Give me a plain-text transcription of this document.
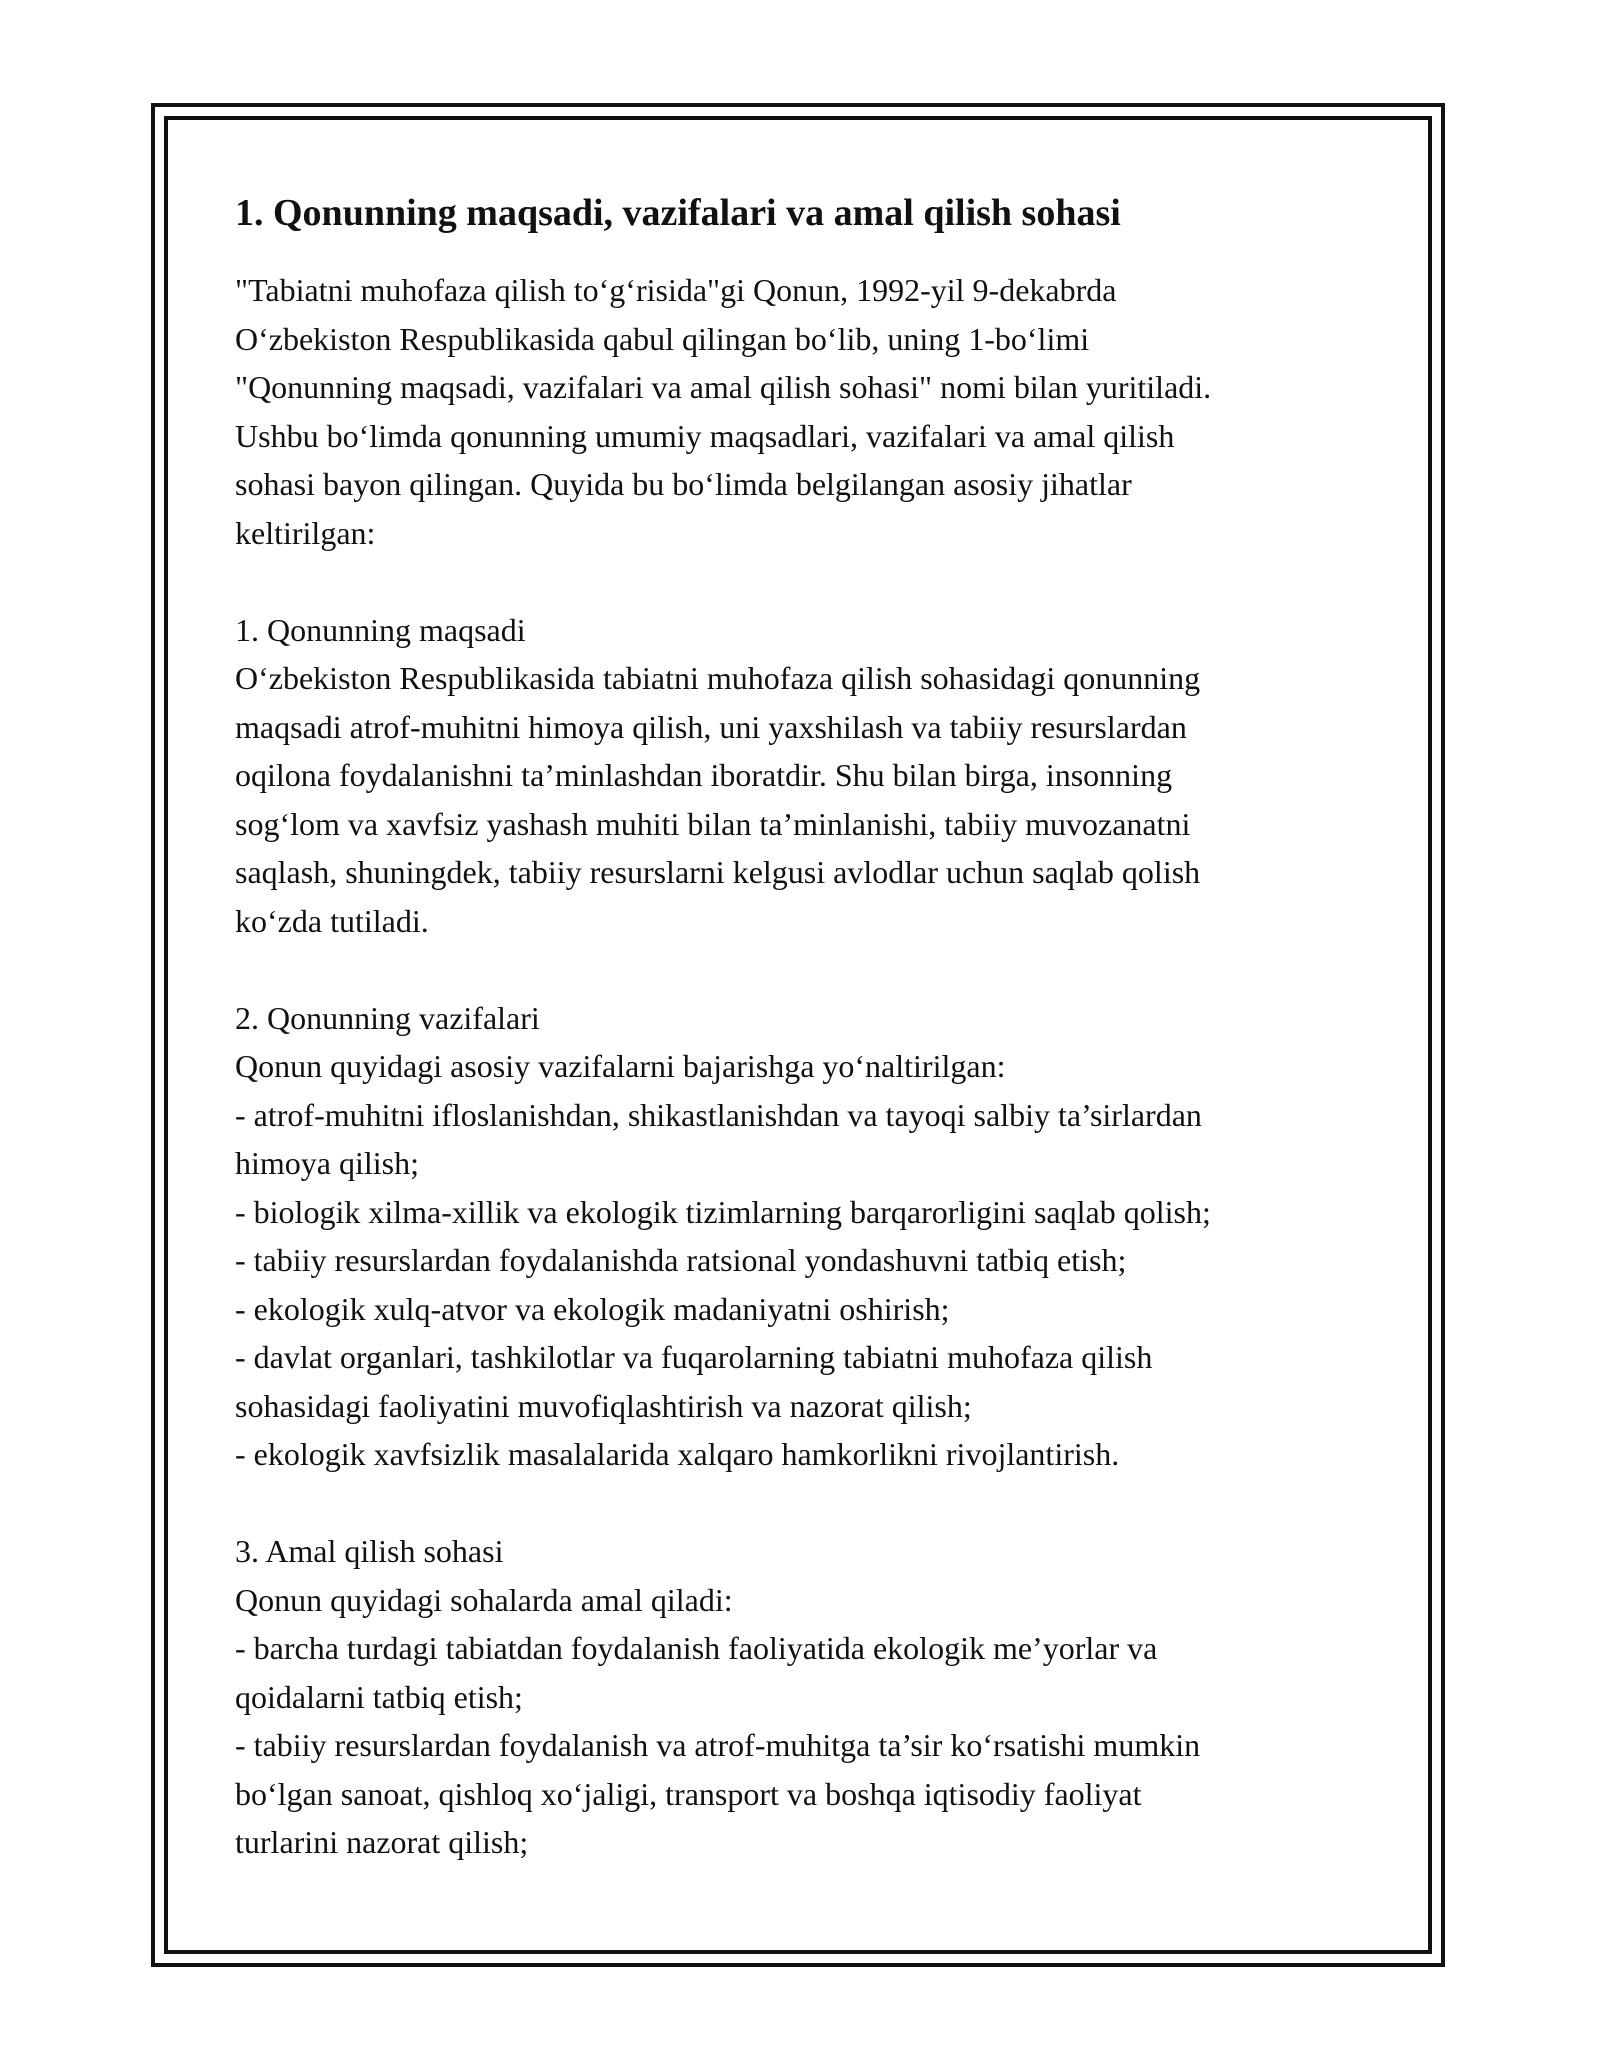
1. Qonunning maqsadi, vazifalari va amal qilish sohasi
"Tabiatni muhofaza qilish to‘g‘risida"gi Qonun, 1992-yil 9-dekabrda
O‘zbekiston Respublikasida qabul qilingan bo‘lib, uning 1-bo‘limi
"Qonunning maqsadi, vazifalari va amal qilish sohasi" nomi bilan yuritiladi.
Ushbu bo‘limda qonunning umumiy maqsadlari, vazifalari va amal qilish
sohasi bayon qilingan. Quyida bu bo‘limda belgilangan asosiy jihatlar
keltirilgan:
1. Qonunning maqsadi
O‘zbekiston Respublikasida tabiatni muhofaza qilish sohasidagi qonunning
maqsadi atrof-muhitni himoya qilish, uni yaxshilash va tabiiy resurslardan
oqilona foydalanishni ta’minlashdan iboratdir. Shu bilan birga, insonning
sog‘lom va xavfsiz yashash muhiti bilan ta’minlanishi, tabiiy muvozanatni
saqlash, shuningdek, tabiiy resurslarni kelgusi avlodlar uchun saqlab qolish
ko‘zda tutiladi.
2. Qonunning vazifalari
Qonun quyidagi asosiy vazifalarni bajarishga yo‘naltirilgan:
- atrof-muhitni ifloslanishdan, shikastlanishdan va tayoqi salbiy ta’sirlardan
himoya qilish;
- biologik xilma-xillik va ekologik tizimlarning barqarorligini saqlab qolish;
- tabiiy resurslardan foydalanishda ratsional yondashuvni tatbiq etish;
- ekologik xulq-atvor va ekologik madaniyatni oshirish;
- davlat organlari, tashkilotlar va fuqarolarning tabiatni muhofaza qilish
sohasidagi faoliyatini muvofiqlashtirish va nazorat qilish;
- ekologik xavfsizlik masalalarida xalqaro hamkorlikni rivojlantirish.
3. Amal qilish sohasi
Qonun quyidagi sohalarda amal qiladi:
- barcha turdagi tabiatdan foydalanish faoliyatida ekologik me’yorlar va
qoidalarni tatbiq etish;
- tabiiy resurslardan foydalanish va atrof-muhitga ta’sir ko‘rsatishi mumkin
bo‘lgan sanoat, qishloq xo‘jaligi, transport va boshqa iqtisodiy faoliyat
turlarini nazorat qilish;
